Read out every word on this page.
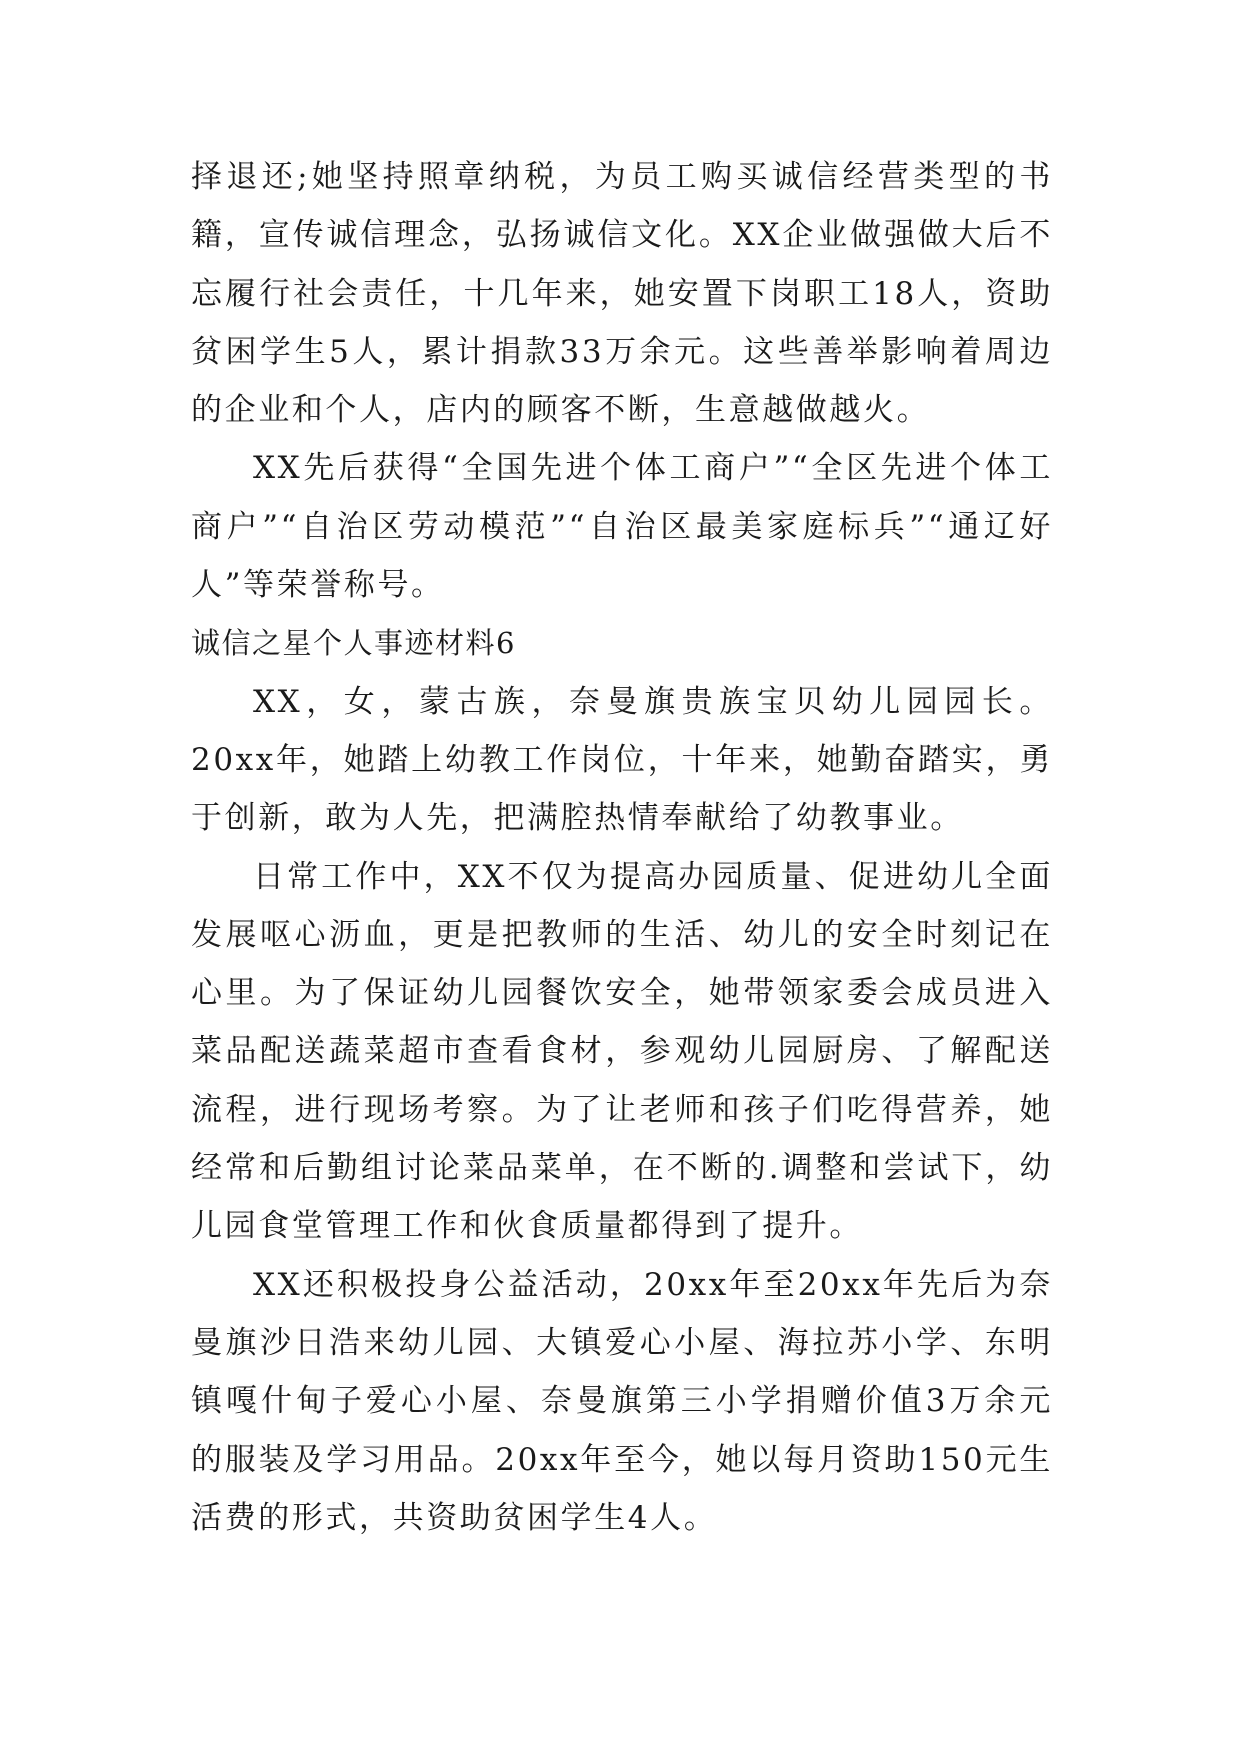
择退还;她坚持照章纳税，为员工购买诚信经营类型的书籍，宣传诚信理念，弘扬诚信文化。XX企业做强做大后不忘履行社会责任，十几年来，她安置下岗职工18人，资助贫困学生5人，累计捐款33万余元。这些善举影响着周边的企业和个人，店内的顾客不断，生意越做越火。

XX先后获得“全国先进个体工商户”“全区先进个体工商户”“自治区劳动模范”“自治区最美家庭标兵”“通辽好人”等荣誉称号。

诚信之星个人事迹材料6

XX，女，蒙古族，奈曼旗贵族宝贝幼儿园园长。20xx年，她踏上幼教工作岗位，十年来，她勤奋踏实，勇于创新，敢为人先，把满腔热情奉献给了幼教事业。

日常工作中，XX不仅为提高办园质量、促进幼儿全面发展呕心沥血，更是把教师的生活、幼儿的安全时刻记在心里。为了保证幼儿园餐饮安全，她带领家委会成员进入菜品配送蔬菜超市查看食材，参观幼儿园厨房、了解配送流程，进行现场考察。为了让老师和孩子们吃得营养，她经常和后勤组讨论菜品菜单，在不断的.调整和尝试下，幼儿园食堂管理工作和伙食质量都得到了提升。

XX还积极投身公益活动，20xx年至20xx年先后为奈曼旗沙日浩来幼儿园、大镇爱心小屋、海拉苏小学、东明镇嘎什甸子爱心小屋、奈曼旗第三小学捐赠价值3万余元的服装及学习用品。20xx年至今，她以每月资助150元生活费的形式，共资助贫困学生4人。
